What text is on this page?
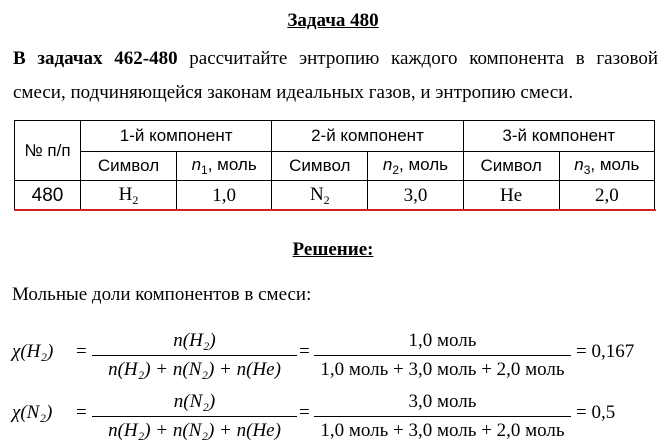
Задача 480
В задачах 462-480 рассчитайте энтропию каждого компонента в газовой смеси, подчиняющейся законам идеальных газов, и энтропию смеси.
№ п/п	1-й компонент		2-й компонент		3-й компонент	
	Символ	$n_1$, моль	Символ	$n_2$, моль	Символ	$n_3$, моль
480	$H_2$	1,0	$N_2$	3,0	He	2,0
Решение:
Мольные доли компонентов в смеси:
χ(H₂) =
n(H₂)
n(H₂) + n(N₂) + n(He)
=
1,0 моль
1,0 моль + 3,0 моль + 2,0 моль
= 0,167
χ(N₂) =
n(N₂)
n(H₂) + n(N₂) + n(He)
=
3,0 моль
1,0 моль + 3,0 моль + 2,0 моль
= 0,5
